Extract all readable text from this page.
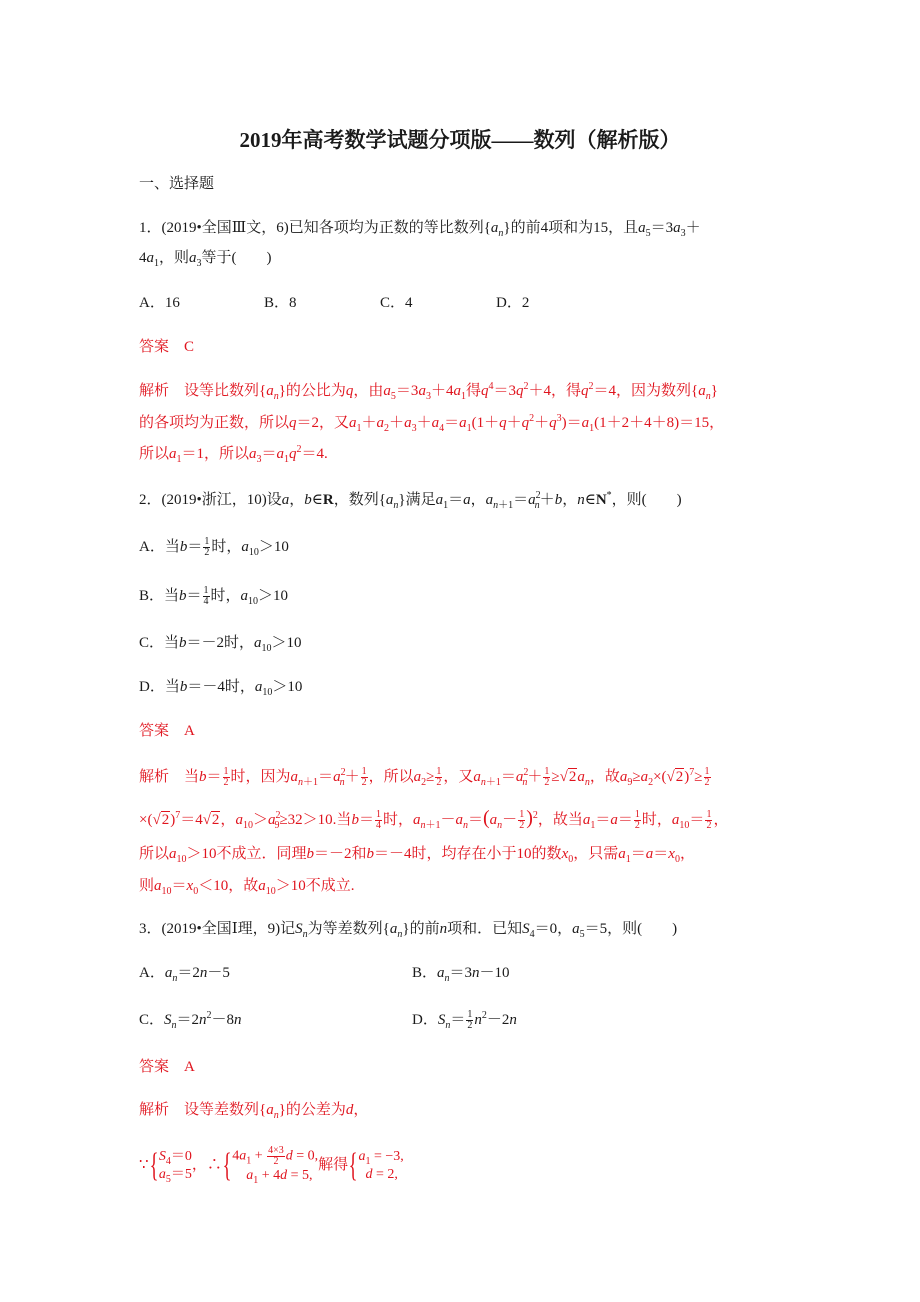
2019年高考数学试题分项版——数列（解析版）
一、选择题
1．(2019•全国Ⅲ文，6)已知各项均为正数的等比数列$\{a_n\}$的前4项和为15，且$a_5=3a_3+$
$4a_1$，则$a_3$等于(　　)
A．16	B．8	C．4	D．2
答案　 C
解析　设等比数列$\{a_n\}$的公比为q，由$a_5=3a_3+4a_1$得$q^4=3q^2+4$，得$q^2=4$，因为数列$\{a_n\}$
的各项均为正数，所以q＝2，又$a_1+a_2+a_3+a_4=a_1(1+q+q^2+q^3)=a_1(1+2+4+8)=15$，
所以$a_1=1$，所以$a_3=a_1q^2=4$.
2．(2019•浙江，10)设a，b∈R，数列$\{a_n\}$满足$a_1=a$，$a_{n+1}=a^2_n+b$，n∈N*，则(　　)
A．当$b= \frac{1}{2}$ 时，$a_{10}>10$
B．当$b= \frac{1}{4}$ 时，$a_{10}>10$
C．当b＝－2时，$a_{10}>10$
D．当b＝－4时，$a_{10}>10$
答案　 A
解析　当$b= \frac{1}{2}$ 时，因为$a_{n+1}=a^2_n+ \frac{1}{2}$ ，所以$a_2\ge \frac{1}{2}$ ，又$a_{n+1}=a^2_n+ \frac{1}{2} \ge√2a_n$，故$a_9\ge a_2\times(√2)^7\ge \frac{1}{2}$
$\times(√2)^7=4√2$，$a_{10}>a^2_9\ge 32>10$.当$b= \frac{1}{4}$ 时，$a_{n+1}-a_n=(a_n- \frac{1}{2} )^2$，故当$a_1=a= \frac{1}{2}$ 时，$a_{10}= \frac{1}{2}$ ，
所以$a_{10}>10$不成立．同理b＝－2和b＝－4时，均存在小于10的数$x_0$，只需$a_1=a=x_0$，
则$a_{10}=x_0<10$，故$a_{10}>10$不成立.
3．(2019•全国Ⅰ理，9)记$S_n$为等差数列$\{a_n\}$的前n项和．已知$S_4=0$，$a_5=5$，则(　　)
A．$a_n=2n-5$	B．$a_n=3n-10$
C．$S_n=2n^2-8n$	D．$S_n= \frac{1}{2} n^2-2n$
答案　 A
解析　设等差数列$\{a_n\}$的公差为d，
∵{ $S_4=0$
$a_5=5$
，∴{ $4a_1 + \frac{4\times 3}{2}$ d = 0,
 $a_1 + 4d = 5$,
解得{ $a_1 = -3$,
 d = 2,
